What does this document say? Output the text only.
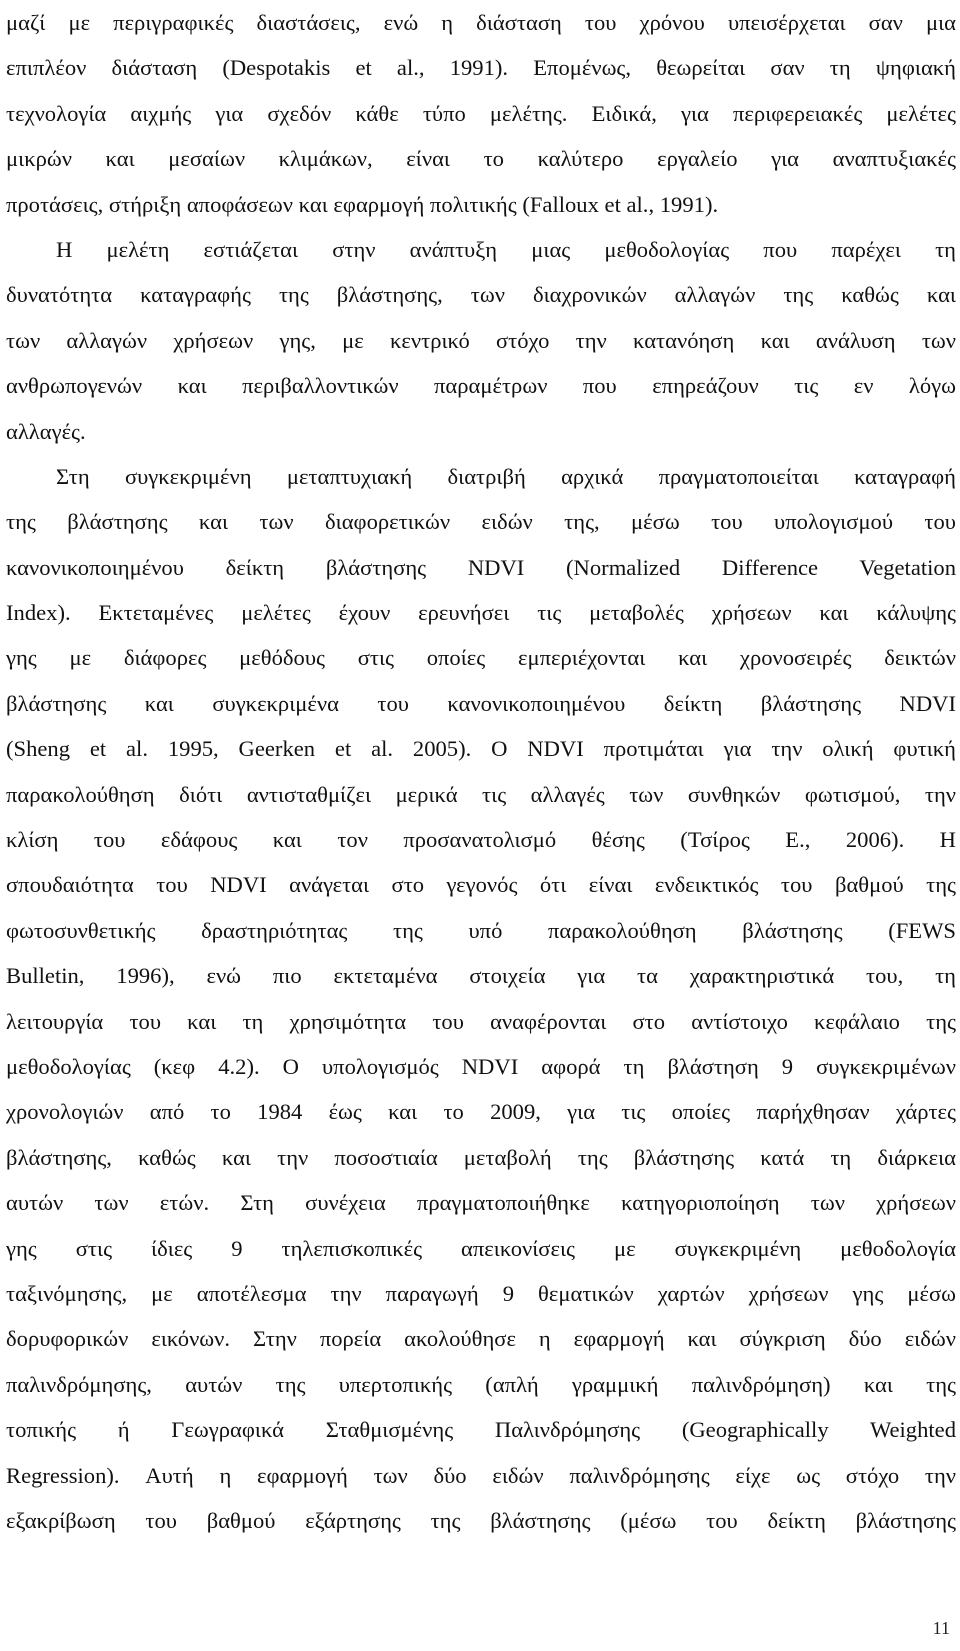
μαζί με περιγραφικές διαστάσεις, ενώ η διάσταση του χρόνου υπεισέρχεται σαν μια
επιπλέον διάσταση (Despotakis et al., 1991). Επομένως, θεωρείται σαν τη ψηφιακή
τεχνολογία αιχμής για σχεδόν κάθε τύπο μελέτης. Ειδικά, για περιφερειακές μελέτες
μικρών και μεσαίων κλιμάκων, είναι το καλύτερο εργαλείο για αναπτυξιακές
προτάσεις, στήριξη αποφάσεων και εφαρμογή πολιτικής (Falloux et al., 1991).
Η μελέτη εστιάζεται στην ανάπτυξη μιας μεθοδολογίας που παρέχει τη
δυνατότητα καταγραφής της βλάστησης, των διαχρονικών αλλαγών της καθώς και
των αλλαγών χρήσεων γης, με κεντρικό στόχο την κατανόηση και ανάλυση των
ανθρωπογενών και περιβαλλοντικών παραμέτρων που επηρεάζουν τις εν λόγω
αλλαγές.
Στη συγκεκριμένη μεταπτυχιακή διατριβή αρχικά πραγματοποιείται καταγραφή
της βλάστησης και των διαφορετικών ειδών της, μέσω του υπολογισμού του
κανονικοποιημένου δείκτη βλάστησης NDVI (Normalized Difference Vegetation
Index). Εκτεταμένες μελέτες έχουν ερευνήσει τις μεταβολές χρήσεων και κάλυψης
γης με διάφορες μεθόδους στις οποίες εμπεριέχονται και χρονοσειρές δεικτών
βλάστησης και συγκεκριμένα του κανονικοποιημένου δείκτη βλάστησης NDVI
(Sheng et al. 1995, Geerken et al. 2005). Ο NDVI προτιμάται για την ολική φυτική
παρακολούθηση διότι αντισταθμίζει μερικά τις αλλαγές των συνθηκών φωτισμού, την
κλίση του εδάφους και τον προσανατολισμό θέσης (Τσίρος Ε., 2006). Η
σπουδαιότητα του NDVI ανάγεται στο γεγονός ότι είναι ενδεικτικός του βαθμού της
φωτοσυνθετικής δραστηριότητας της υπό παρακολούθηση βλάστησης (FEWS
Bulletin, 1996), ενώ πιο εκτεταμένα στοιχεία για τα χαρακτηριστικά του, τη
λειτουργία του και τη χρησιμότητα του αναφέρονται στο αντίστοιχο κεφάλαιο της
μεθοδολογίας (κεφ 4.2). Ο υπολογισμός NDVI αφορά τη βλάστηση 9 συγκεκριμένων
χρονολογιών από το 1984 έως και το 2009, για τις οποίες παρήχθησαν χάρτες
βλάστησης, καθώς και την ποσοστιαία μεταβολή της βλάστησης κατά τη διάρκεια
αυτών των ετών. Στη συνέχεια πραγματοποιήθηκε κατηγοριοποίηση των χρήσεων
γης στις ίδιες 9 τηλεπισκοπικές απεικονίσεις με συγκεκριμένη μεθοδολογία
ταξινόμησης, με αποτέλεσμα την παραγωγή 9 θεματικών χαρτών χρήσεων γης μέσω
δορυφορικών εικόνων. Στην πορεία ακολούθησε η εφαρμογή και σύγκριση δύο ειδών
παλινδρόμησης, αυτών της υπερτοπικής (απλή γραμμική παλινδρόμηση) και της
τοπικής ή Γεωγραφικά Σταθμισμένης Παλινδρόμησης (Geographically Weighted
Regression). Αυτή η εφαρμογή των δύο ειδών παλινδρόμησης είχε ως στόχο την
εξακρίβωση του βαθμού εξάρτησης της βλάστησης (μέσω του δείκτη βλάστησης
11
